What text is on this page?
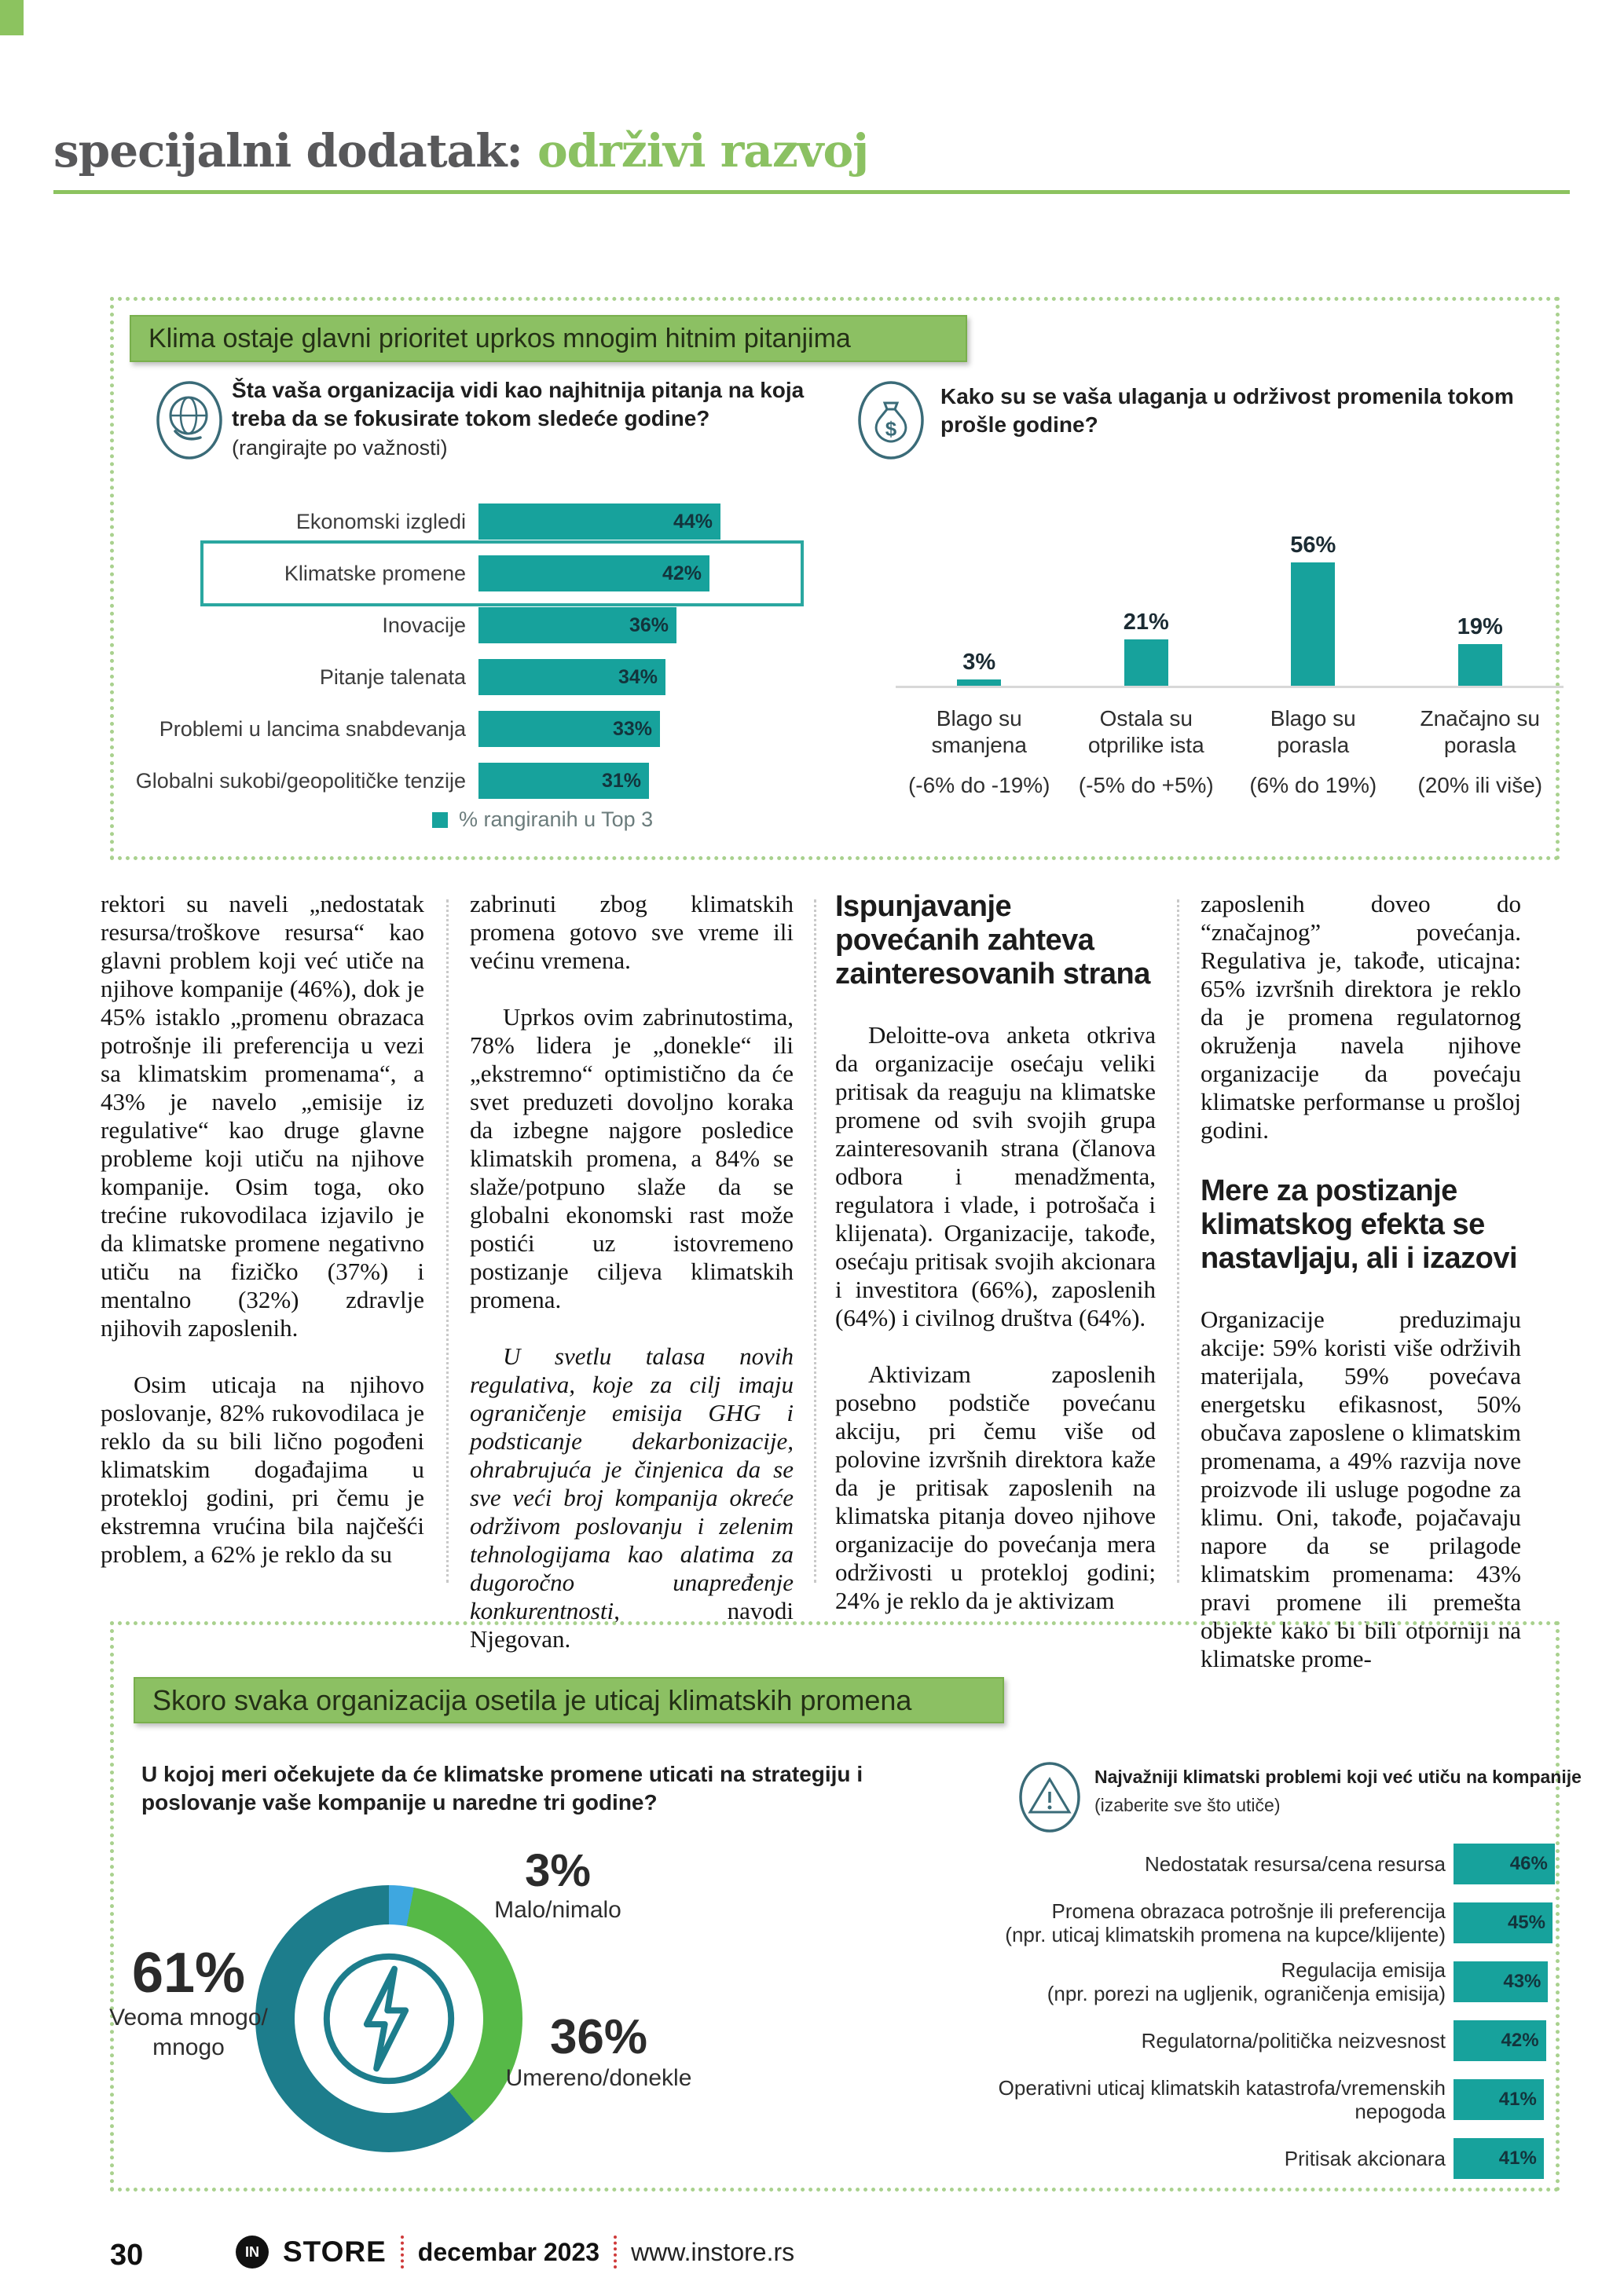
specijalni dodatak: održivi razvoj
Klima ostaje glavni prioritet uprkos mnogim hitnim pitanjima

Šta vaša organizacija vidi kao najhitnija pitanja na koja treba da se fokusirate tokom sledeće godine?

(rangirajte po važnosti)

$

Kako su se vaša ulaganja u održivost promenila tokom prošle godine?

Ekonomski izgledi	44%
Klimatske promene	42%
Inovacije	36%
Pitanje talenata	34%
Problemi u lancima snabdevanja	33%
Globalni sukobi/geopolitičke tenzije	31%
% rangiranih u Top 3
3%
21%
56%
19%
Blago su smanjena
Ostala su otprilike ista
Blago su porasla
Značajno su porasla
(-6% do -19%)	(-5% do +5%)	(6% do 19%)	(20% ili više)

rektori su naveli „nedostatak resursa/troškove resursa“ kao glavni problem koji već utiče na njihove kompanije (46%), dok je 45% istaklo „promenu obrazaca potrošnje ili preferencija u vezi sa klimatskim promenama“, a 43% je navelo „emisije iz regulative“ kao druge glavne probleme koji utiču na njihove kompanije. Osim toga, oko trećine rukovodilaca izjavilo je da klimatske promene negativno utiču na fizičko (37%) i mentalno (32%) zdravlje njihovih zaposlenih.

Osim uticaja na njihovo poslovanje, 82% rukovodilaca je reklo da su bili lično pogođeni klimatskim događajima u protekloj godini, pri čemu je ekstremna vrućina bila najčešći problem, a 62% je reklo da su

zabrinuti zbog klimatskih promena gotovo sve vreme ili većinu vremena.

Uprkos ovim zabrinutostima, 78% lidera je „donekle“ ili „ekstremno“ optimistično da će svet preduzeti dovoljno koraka da izbegne najgore posledice klimatskih promena, a 84% se slaže/potpuno slaže da se globalni ekonomski rast može postići uz istovremeno postizanje ciljeva klimatskih promena.

U svetlu talasa novih regulativa, koje za cilj imaju ograničenje emisija GHG i podsticanje dekarbonizacije, ohrabrujuća je činjenica da se sve veći broj kompanija okreće održivom poslovanju i zelenim tehnologijama kao alatima za dugoročno unapređenje konkurentnosti, navodi Njegovan.

Ispunjavanje povećanih zahteva zainteresovanih strana

Deloitte-ova anketa otkriva da organizacije osećaju veliki pritisak da reaguju na klimatske promene od svih svojih grupa zainteresovanih strana (članova odbora i menadžmenta, regulatora i vlade, i potrošača i klijenata). Organizacije, takođe, osećaju pritisak svojih akcionara i investitora (66%), zaposlenih (64%) i civilnog društva (64%).

Aktivizam zaposlenih posebno podstiče povećanu akciju, pri čemu više od polovine izvršnih direktora kaže da je pritisak zaposlenih na klimatska pitanja doveo njihove organizacije do povećanja mera održivosti u protekloj godini; 24% je reklo da je aktivizam

zaposlenih doveo do “značajnog” povećanja. Regulativa je, takođe, uticajna: 65% izvršnih direktora je reklo da je promena regulatornog okruženja navela njihove organizacije da povećaju klimatske performanse u prošloj godini.

Mere za postizanje klimatskog efekta se nastavljaju, ali i izazovi

Organizacije preduzimaju akcije: 59% koristi više održivih materijala, 59% povećava energetsku efikasnost, 50% obučava zaposlene o klimatskim promenama, a 49% razvija nove proizvode ili usluge pogodne za klimu. Oni, takođe, pojačavaju napore da se prilagode klimatskim promenama: 43% pravi promene ili premešta objekte kako bi bili otporniji na klimatske prome-

Skoro svaka organizacija osetila je uticaj klimatskih promena

U kojoj meri očekujete da će klimatske promene uticati na strategiju i poslovanje vaše kompanije u naredne tri godine?

Najvažniji klimatski problemi koji već utiču na kompanije

(izaberite sve što utiče)

61%
Veoma mnogo/
mnogo
3%
Malo/nimalo
36%
Umereno/donekle
Nedostatak resursa/cena resursa	46%
Promena obrazaca potrošnje ili preferencija
(npr. uticaj klimatskih promena na kupce/klijente)
45%
Regulacija emisija
(npr. porezi na ugljenik, ograničenja emisija)
43%
Regulatorna/politička neizvesnost	42%
Operativni uticaj klimatskih katastrofa/vremenskih nepogoda
41%
Pritisak akcionara	41%
30	IN STORE decembar 2023 www.instore.rs
